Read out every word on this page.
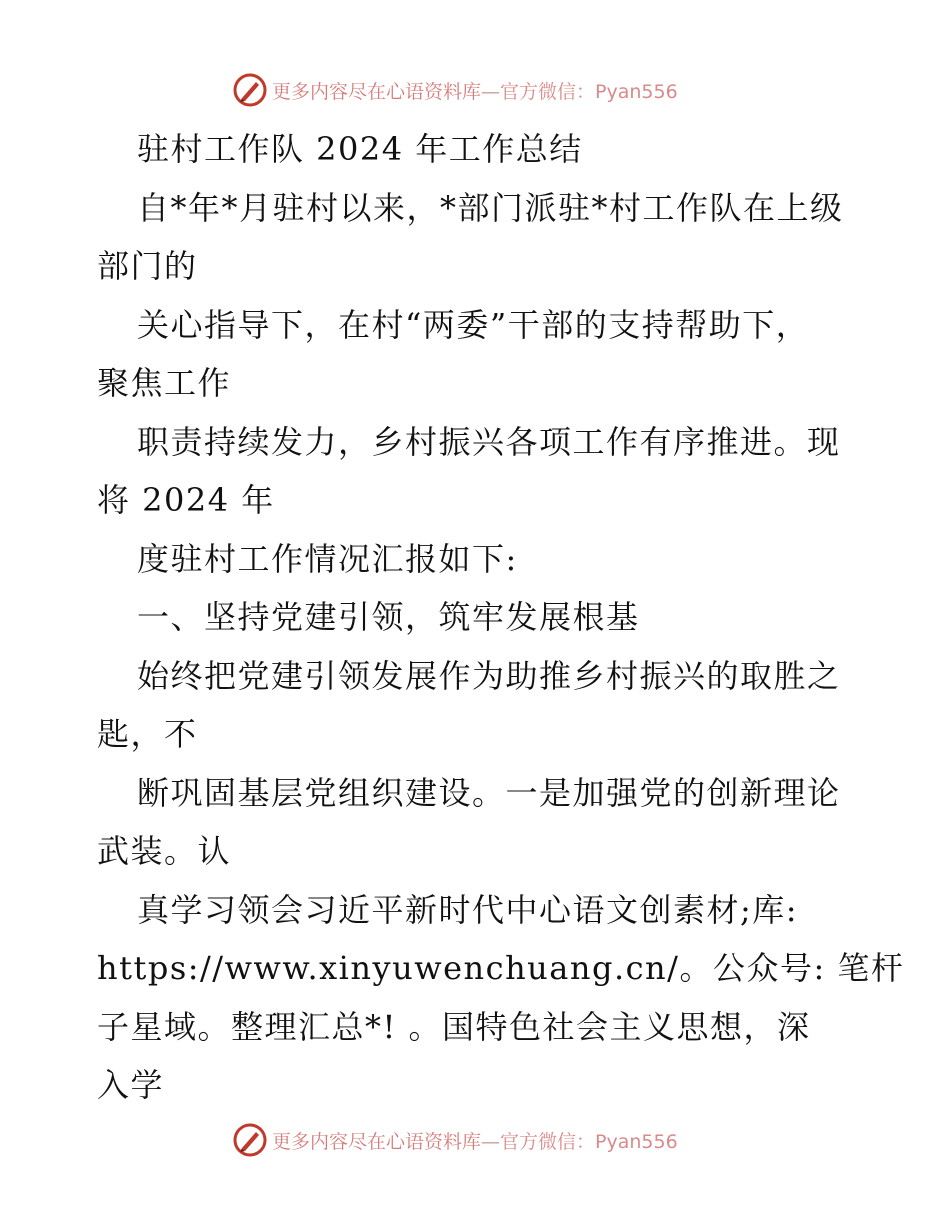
更多内容尽在心语资料库—官方微信：Pyan556
驻村工作队 2024 年工作总结
自*年*月驻村以来，*部门派驻*村工作队在上级
部门的
关心指导下，在村“两委”干部的支持帮助下，
聚焦工作
职责持续发力，乡村振兴各项工作有序推进。现
将 2024 年
度驻村工作情况汇报如下:
一、坚持党建引领，筑牢发展根基
始终把党建引领发展作为助推乡村振兴的取胜之
匙，不
断巩固基层党组织建设。一是加强党的创新理论
武装。认
真学习领会习近平新时代中心语文创素材;库:
https://www.xinyuwenchuang.cn/。公众号: 笔杆
子星域。整理汇总*! 。国特色社会主义思想，深
入学
更多内容尽在心语资料库—官方微信：Pyan556
